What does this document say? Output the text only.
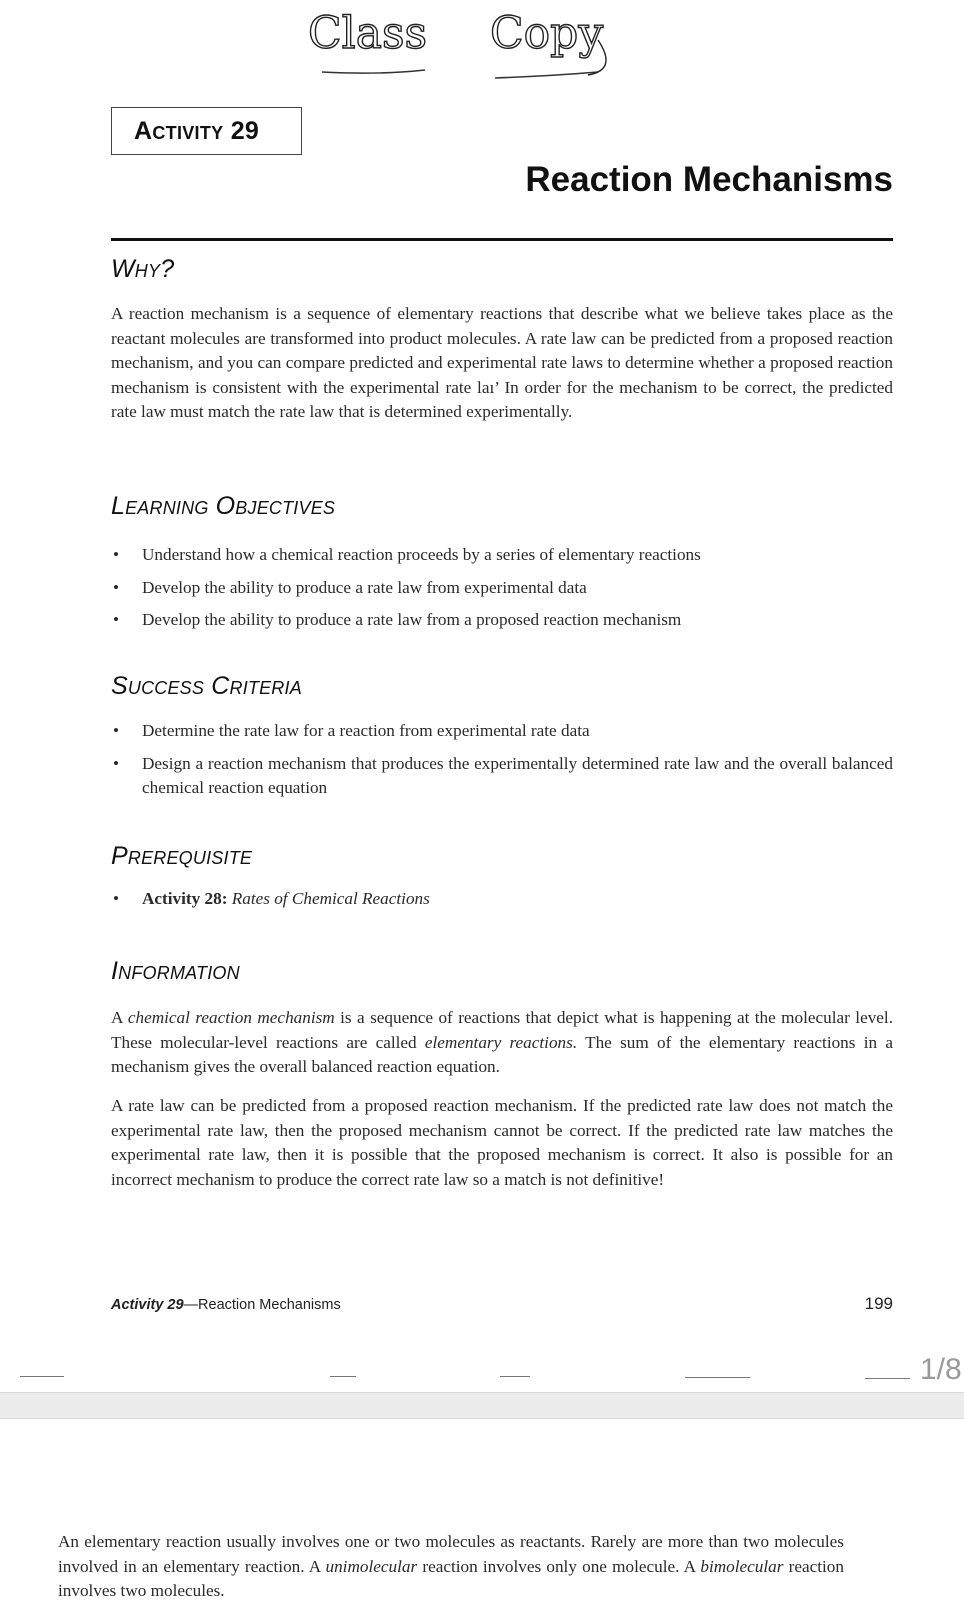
Class Copy
Activity 29
Reaction Mechanisms
Why?
A reaction mechanism is a sequence of elementary reactions that describe what we believe takes place as the reactant molecules are transformed into product molecules. A rate law can be predicted from a proposed reaction mechanism, and you can compare predicted and experimental rate laws to determine whether a proposed reaction mechanism is consistent with the experimental rate laı’ In order for the mechanism to be correct, the predicted rate law must match the rate law that is determined experimentally.
Learning Objectives
• Understand how a chemical reaction proceeds by a series of elementary reactions
• Develop the ability to produce a rate law from experimental data
• Develop the ability to produce a rate law from a proposed reaction mechanism
Success Criteria
• Determine the rate law for a reaction from experimental rate data
• Design a reaction mechanism that produces the experimentally determined rate law and the overall balanced chemical reaction equation
Prerequisite
• Activity 28: Rates of Chemical Reactions
Information
A chemical reaction mechanism is a sequence of reactions that depict what is happening at the molecular level. These molecular-level reactions are called elementary reactions. The sum of the elementary reactions in a mechanism gives the overall balanced reaction equation.
A rate law can be predicted from a proposed reaction mechanism. If the predicted rate law does not match the experimental rate law, then the proposed mechanism cannot be correct. If the predicted rate law matches the experimental rate law, then it is possible that the proposed mechanism is correct. It also is possible for an incorrect mechanism to produce the correct rate law so a match is not definitive!
Activity 29—Reaction Mechanisms	199
1/8
An elementary reaction usually involves one or two molecules as reactants. Rarely are more than two molecules involved in an elementary reaction. A unimolecular reaction involves only one molecule. A bimolecular reaction involves two molecules.
